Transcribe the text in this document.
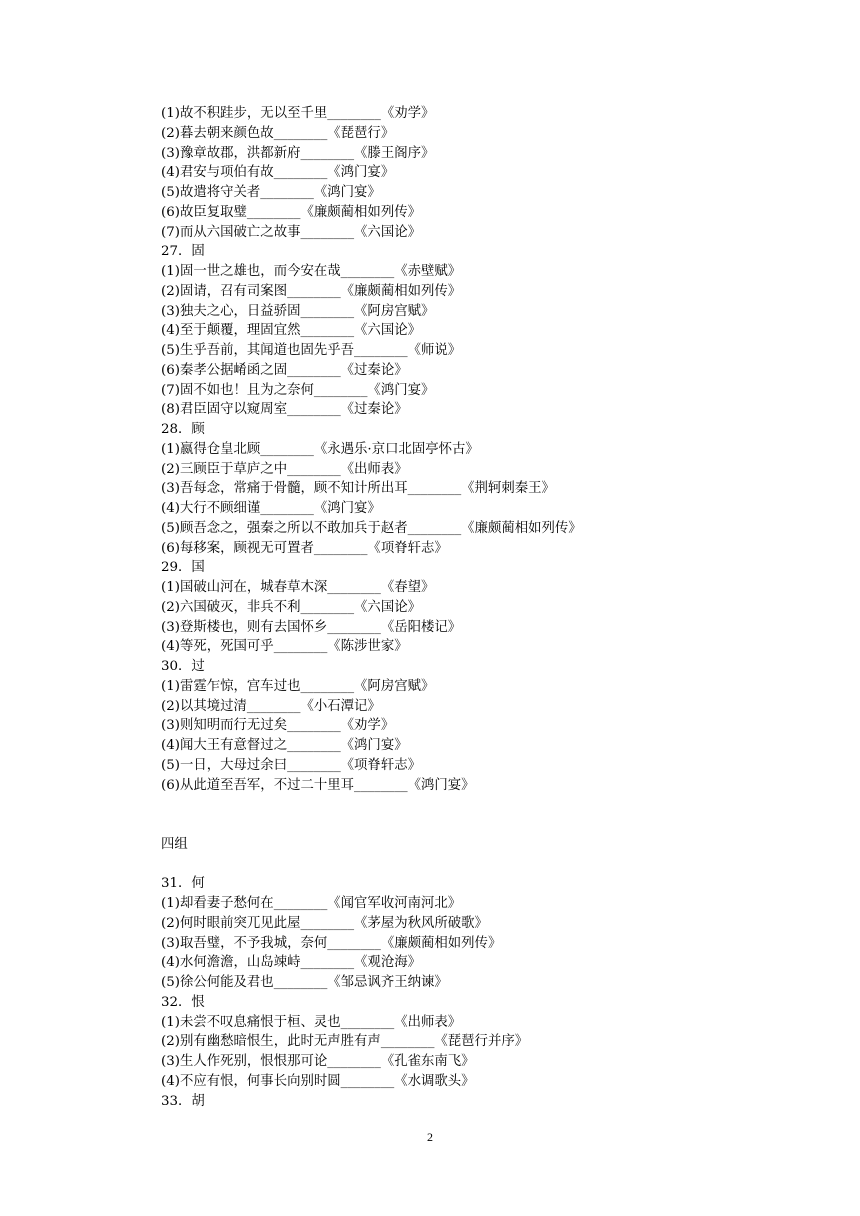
(1)故不积跬步，无以至千里________《劝学》
(2)暮去朝来颜色故________《琵琶行》
(3)豫章故郡，洪都新府________《滕王阁序》
(4)君安与项伯有故________《鸿门宴》
(5)故遣将守关者________《鸿门宴》
(6)故臣复取璧________《廉颇蔺相如列传》
(7)而从六国破亡之故事________《六国论》
27．固
(1)固一世之雄也，而今安在哉________《赤壁赋》
(2)固请，召有司案图________《廉颇蔺相如列传》
(3)独夫之心，日益骄固________《阿房宫赋》
(4)至于颠覆，理固宜然________《六国论》
(5)生乎吾前，其闻道也固先乎吾________《师说》
(6)秦孝公据崤函之固________《过秦论》
(7)固不如也！且为之奈何________《鸿门宴》
(8)君臣固守以窥周室________《过秦论》
28．顾
(1)嬴得仓皇北顾________《永遇乐·京口北固亭怀古》
(2)三顾臣于草庐之中________《出师表》
(3)吾每念，常痛于骨髓，顾不知计所出耳________《荆轲刺秦王》
(4)大行不顾细谨________《鸿门宴》
(5)顾吾念之，强秦之所以不敢加兵于赵者________《廉颇蔺相如列传》
(6)每移案，顾视无可置者________《项脊轩志》
29．国
(1)国破山河在，城春草木深________《春望》
(2)六国破灭，非兵不利________《六国论》
(3)登斯楼也，则有去国怀乡________《岳阳楼记》
(4)等死，死国可乎________《陈涉世家》
30．过
(1)雷霆乍惊，宫车过也________《阿房宫赋》
(2)以其境过清________《小石潭记》
(3)则知明而行无过矣________《劝学》
(4)闻大王有意督过之________《鸿门宴》
(5)一日，大母过余曰________《项脊轩志》
(6)从此道至吾军，不过二十里耳________《鸿门宴》
四组
31．何
(1)却看妻子愁何在________《闻官军收河南河北》
(2)何时眼前突兀见此屋________《茅屋为秋风所破歌》
(3)取吾璧，不予我城，奈何________《廉颇蔺相如列传》
(4)水何澹澹，山岛竦峙________《观沧海》
(5)徐公何能及君也________《邹忌讽齐王纳谏》
32．恨
(1)未尝不叹息痛恨于桓、灵也________《出师表》
(2)别有幽愁暗恨生，此时无声胜有声________《琵琶行并序》
(3)生人作死别，恨恨那可论________《孔雀东南飞》
(4)不应有恨，何事长向别时圆________《水调歌头》
33．胡
2
